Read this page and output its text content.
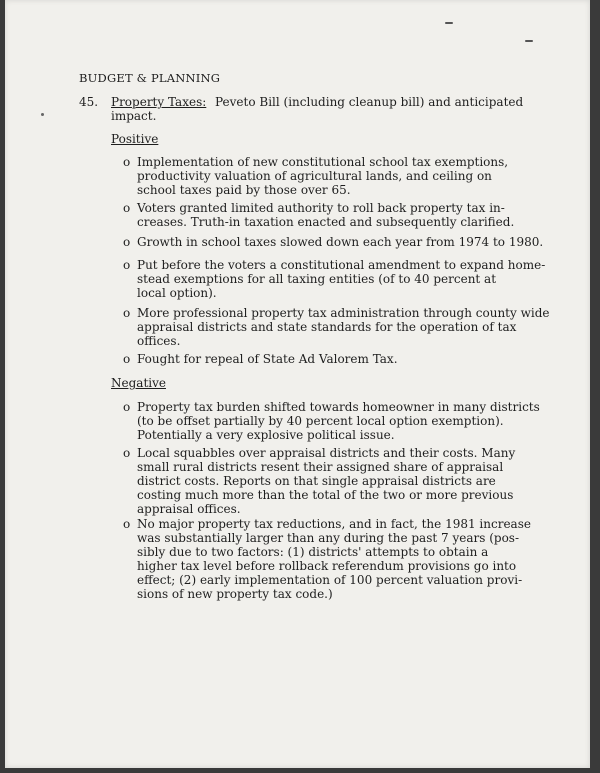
BUDGET & PLANNING
45. Property Taxes: Peveto Bill (including cleanup bill) and anticipated
impact.
Positive
o Implementation of new constitutional school tax exemptions,
productivity valuation of agricultural lands, and ceiling on
school taxes paid by those over 65.
o Voters granted limited authority to roll back property tax in-
creases. Truth-in taxation enacted and subsequently clarified.
o Growth in school taxes slowed down each year from 1974 to 1980.
o Put before the voters a constitutional amendment to expand home-
stead exemptions for all taxing entities (of to 40 percent at
local option).
o More professional property tax administration through county wide
appraisal districts and state standards for the operation of tax
offices.
o Fought for repeal of State Ad Valorem Tax.
Negative
o Property tax burden shifted towards homeowner in many districts
(to be offset partially by 40 percent local option exemption).
Potentially a very explosive political issue.
o Local squabbles over appraisal districts and their costs. Many
small rural districts resent their assigned share of appraisal
district costs. Reports on that single appraisal districts are
costing much more than the total of the two or more previous
appraisal offices.
o No major property tax reductions, and in fact, the 1981 increase
was substantially larger than any during the past 7 years (pos-
sibly due to two factors: (1) districts' attempts to obtain a
higher tax level before rollback referendum provisions go into
effect; (2) early implementation of 100 percent valuation provi-
sions of new property tax code.)
